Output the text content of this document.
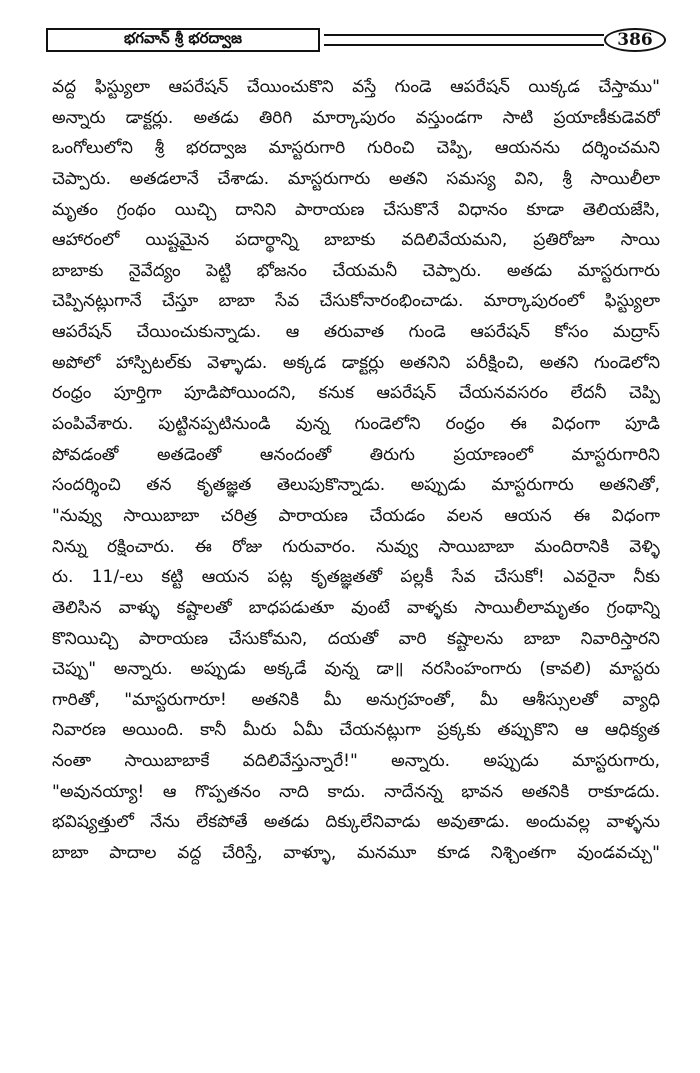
భగవాన్ శ్రీ భరద్వాజ	386
వద్ద ఫిస్ట్యులా ఆపరేషన్ చేయించుకొని వస్తే గుండె ఆపరేషన్ యిక్కడ చేస్తాము"
అన్నారు డాక్టర్లు. అతడు తిరిగి మార్కాపురం వస్తుండగా సాటి ప్రయాణీకుడెవరో
ఒంగోలులోని శ్రీ భరద్వాజ మాస్టరుగారి గురించి చెప్పి, ఆయనను దర్శించమని
చెప్పారు. అతడలానే చేశాడు. మాస్టరుగారు అతని సమస్య విని, శ్రీ సాయిలీలా
మృతం గ్రంథం యిచ్చి దానిని పారాయణ చేసుకొనే విధానం కూడా తెలియజేసి,
ఆహారంలో యిష్టమైన పదార్థాన్ని బాబాకు వదిలివేయమని, ప్రతిరోజూ సాయి
బాబాకు నైవేద్యం పెట్టి భోజనం చేయమనీ చెప్పారు. అతడు మాస్టరుగారు
చెప్పినట్లుగానే చేస్తూ బాబా సేవ చేసుకోనారంభించాడు. మార్కాపురంలో ఫిస్ట్యులా
ఆపరేషన్ చేయించుకున్నాడు. ఆ తరువాత గుండె ఆపరేషన్ కోసం మద్రాస్
అపోలో హాస్పిటల్‌కు వెళ్ళాడు. అక్కడ డాక్టర్లు అతనిని పరీక్షించి, అతని గుండెలోని
రంధ్రం పూర్తిగా పూడిపోయిందని, కనుక ఆపరేషన్ చేయనవసరం లేదనీ చెప్పి
పంపివేశారు. పుట్టినప్పటినుండి వున్న గుండెలోని రంధ్రం ఈ విధంగా పూడి
పోవడంతో అతడెంతో ఆనందంతో తిరుగు ప్రయాణంలో మాస్టరుగారిని
సందర్శించి తన కృతజ్ఞత తెలుపుకొన్నాడు. అప్పుడు మాస్టరుగారు అతనితో,
"నువ్వు సాయిబాబా చరిత్ర పారాయణ చేయడం వలన ఆయన ఈ విధంగా
నిన్ను రక్షించారు. ఈ రోజు గురువారం. నువ్వు సాయిబాబా మందిరానికి వెళ్ళి
రు. 11/-లు కట్టి ఆయన పట్ల కృతజ్ఞతతో పల్లకీ సేవ చేసుకో! ఎవరైనా నీకు
తెలిసిన వాళ్ళు కష్టాలతో బాధపడుతూ వుంటే వాళ్ళకు సాయిలీలామృతం గ్రంథాన్ని
కొనియిచ్చి పారాయణ చేసుకోమని, దయతో వారి కష్టాలను బాబా నివారిస్తారని
చెప్పు" అన్నారు. అప్పుడు అక్కడే వున్న డా॥ నరసింహంగారు (కావలి) మాస్టరు
గారితో, "మాస్టరుగారూ! అతనికి మీ అనుగ్రహంతో, మీ ఆశీస్సులతో వ్యాధి
నివారణ అయింది. కానీ మీరు ఏమీ చేయనట్లుగా ప్రక్కకు తప్పుకొని ఆ ఆధిక్యత
నంతా సాయిబాబాకే వదిలివేస్తున్నారే!" అన్నారు. అప్పుడు మాస్టరుగారు,
"అవునయ్యా! ఆ గొప్పతనం నాది కాదు. నాదేనన్న భావన అతనికి రాకూడదు.
భవిష్యత్తులో నేను లేకపోతే అతడు దిక్కులేనివాడు అవుతాడు. అందువల్ల వాళ్ళను
బాబా పాదాల వద్ద చేరిస్తే, వాళ్ళూ, మనమూ కూడ నిశ్చింతగా వుండవచ్చు"
